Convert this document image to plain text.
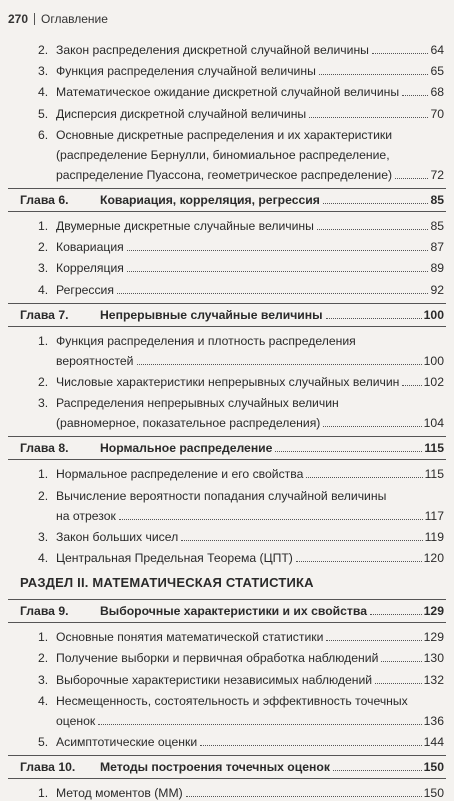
270 Оглавление
2. Закон распределения дискретной случайной величины	64
3. Функция распределения случайной величины	65
4. Математическое ожидание дискретной случайной величины	68
5. Дисперсия дискретной случайной величины	70
6. Основные дискретные распределения и их характеристики
(распределение Бернулли, биномиальное распределение,
распределение Пуассона, геометрическое распределение)	72
Глава 6.	Ковариация, корреляция, регрессия	85
1. Двумерные дискретные случайные величины	85
2. Ковариация	87
3. Корреляция	89
4. Регрессия	92
Глава 7.	Непрерывные случайные величины	100
1. Функция распределения и плотность распределения
вероятностей	100
2. Числовые характеристики непрерывных случайных величин 102
3. Распределения непрерывных случайных величин
(равномерное, показательное распределения)	104
Глава 8.	Нормальное распределение	115
1. Нормальное распределение и его свойства	115
2. Вычисление вероятности попадания случайной величины
на отрезок	117
3. Закон больших чисел	119
4. Центральная Предельная Теорема (ЦПТ)	120
РАЗДЕЛ II. МАТЕМАТИЧЕСКАЯ СТАТИСТИКА
Глава 9.	Выборочные характеристики и их свойства	129
1. Основные понятия математической статистики	129
2. Получение выборки и первичная обработка наблюдений	130
3. Выборочные характеристики независимых наблюдений	132
4. Несмещенность, состоятельность и эффективность точечных
оценок	136
5. Асимптотические оценки	144
Глава 10.	Методы построения точечных оценок	150
1. Метод моментов (ММ)	150
